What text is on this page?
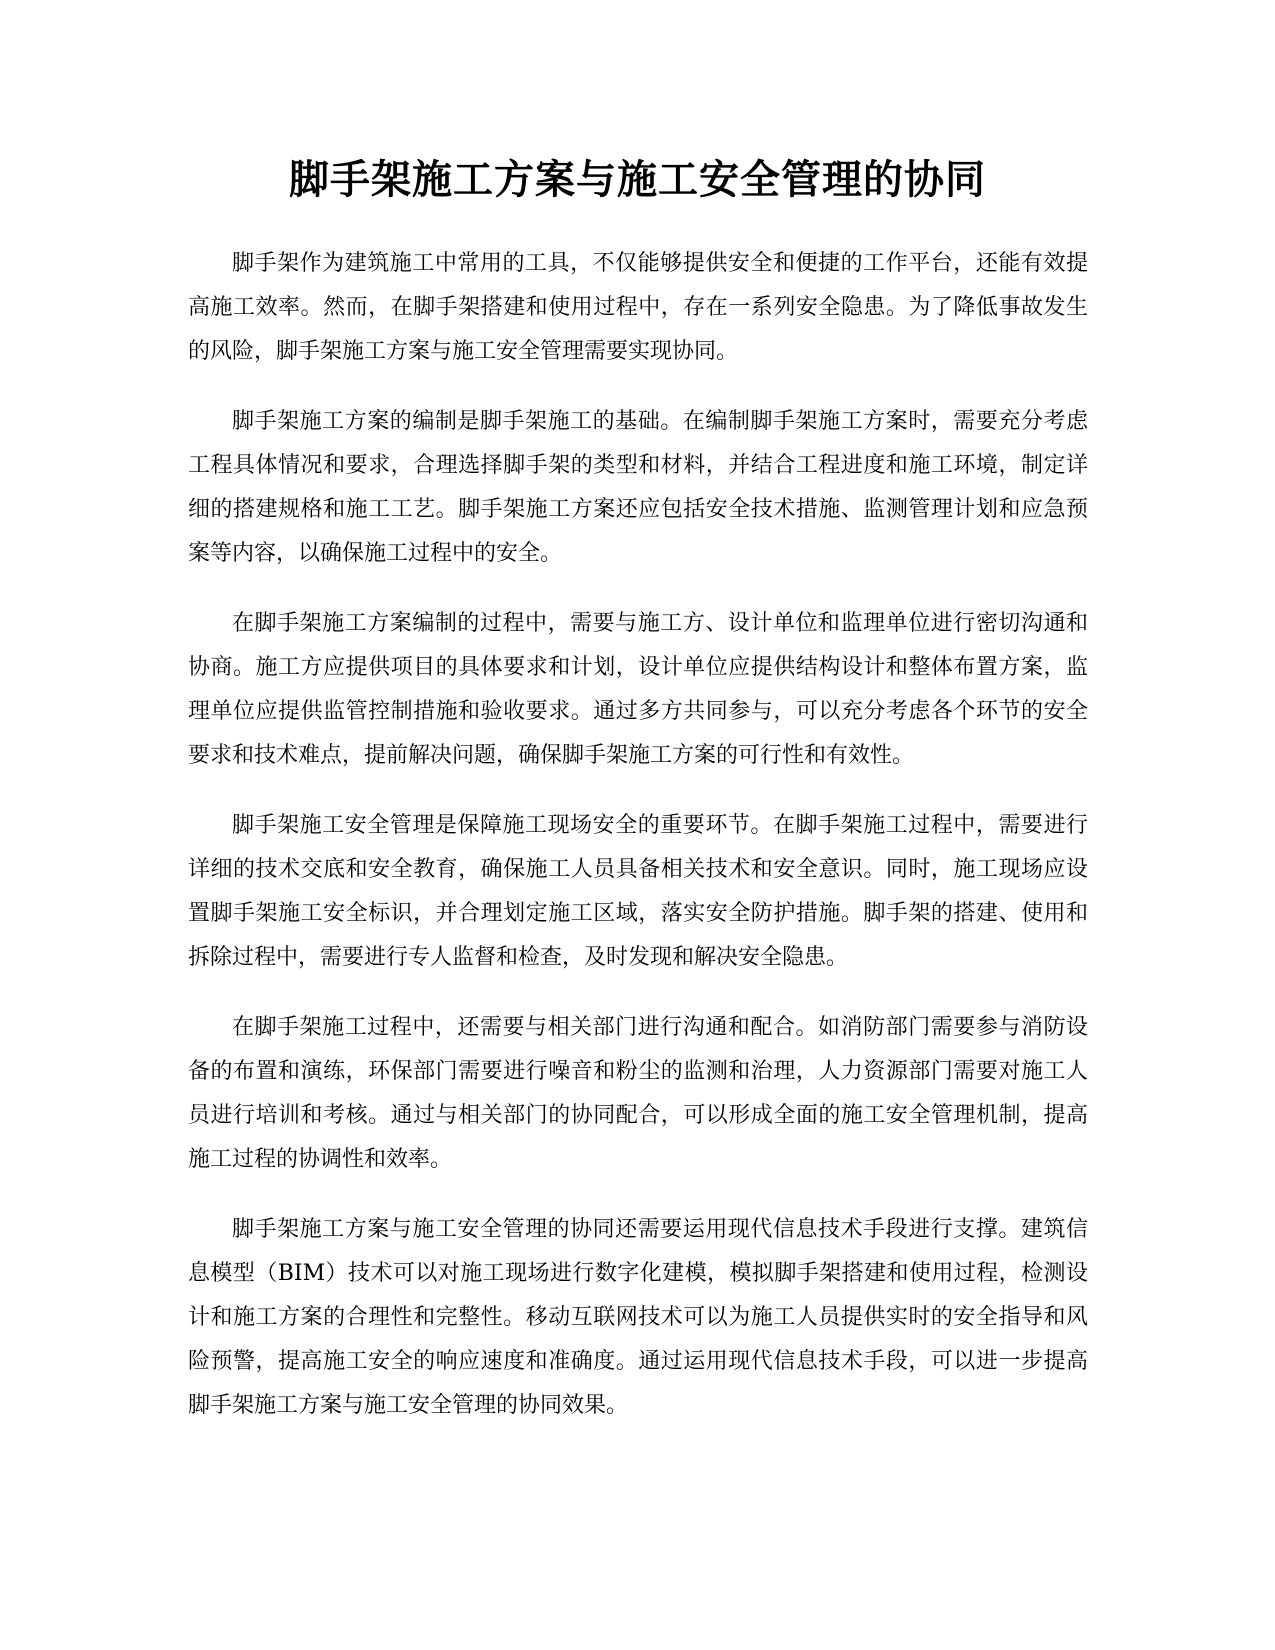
脚手架施工方案与施工安全管理的协同

脚手架作为建筑施工中常用的工具，不仅能够提供安全和便捷的工作平台，还能有效提高施工效率。然而，在脚手架搭建和使用过程中，存在一系列安全隐患。为了降低事故发生的风险，脚手架施工方案与施工安全管理需要实现协同。

脚手架施工方案的编制是脚手架施工的基础。在编制脚手架施工方案时，需要充分考虑工程具体情况和要求，合理选择脚手架的类型和材料，并结合工程进度和施工环境，制定详细的搭建规格和施工工艺。脚手架施工方案还应包括安全技术措施、监测管理计划和应急预案等内容，以确保施工过程中的安全。

在脚手架施工方案编制的过程中，需要与施工方、设计单位和监理单位进行密切沟通和协商。施工方应提供项目的具体要求和计划，设计单位应提供结构设计和整体布置方案，监理单位应提供监管控制措施和验收要求。通过多方共同参与，可以充分考虑各个环节的安全要求和技术难点，提前解决问题，确保脚手架施工方案的可行性和有效性。

脚手架施工安全管理是保障施工现场安全的重要环节。在脚手架施工过程中，需要进行详细的技术交底和安全教育，确保施工人员具备相关技术和安全意识。同时，施工现场应设置脚手架施工安全标识，并合理划定施工区域，落实安全防护措施。脚手架的搭建、使用和拆除过程中，需要进行专人监督和检查，及时发现和解决安全隐患。

在脚手架施工过程中，还需要与相关部门进行沟通和配合。如消防部门需要参与消防设备的布置和演练，环保部门需要进行噪音和粉尘的监测和治理，人力资源部门需要对施工人员进行培训和考核。通过与相关部门的协同配合，可以形成全面的施工安全管理机制，提高施工过程的协调性和效率。

脚手架施工方案与施工安全管理的协同还需要运用现代信息技术手段进行支撑。建筑信息模型（BIM）技术可以对施工现场进行数字化建模，模拟脚手架搭建和使用过程，检测设计和施工方案的合理性和完整性。移动互联网技术可以为施工人员提供实时的安全指导和风险预警，提高施工安全的响应速度和准确度。通过运用现代信息技术手段，可以进一步提高脚手架施工方案与施工安全管理的协同效果。
